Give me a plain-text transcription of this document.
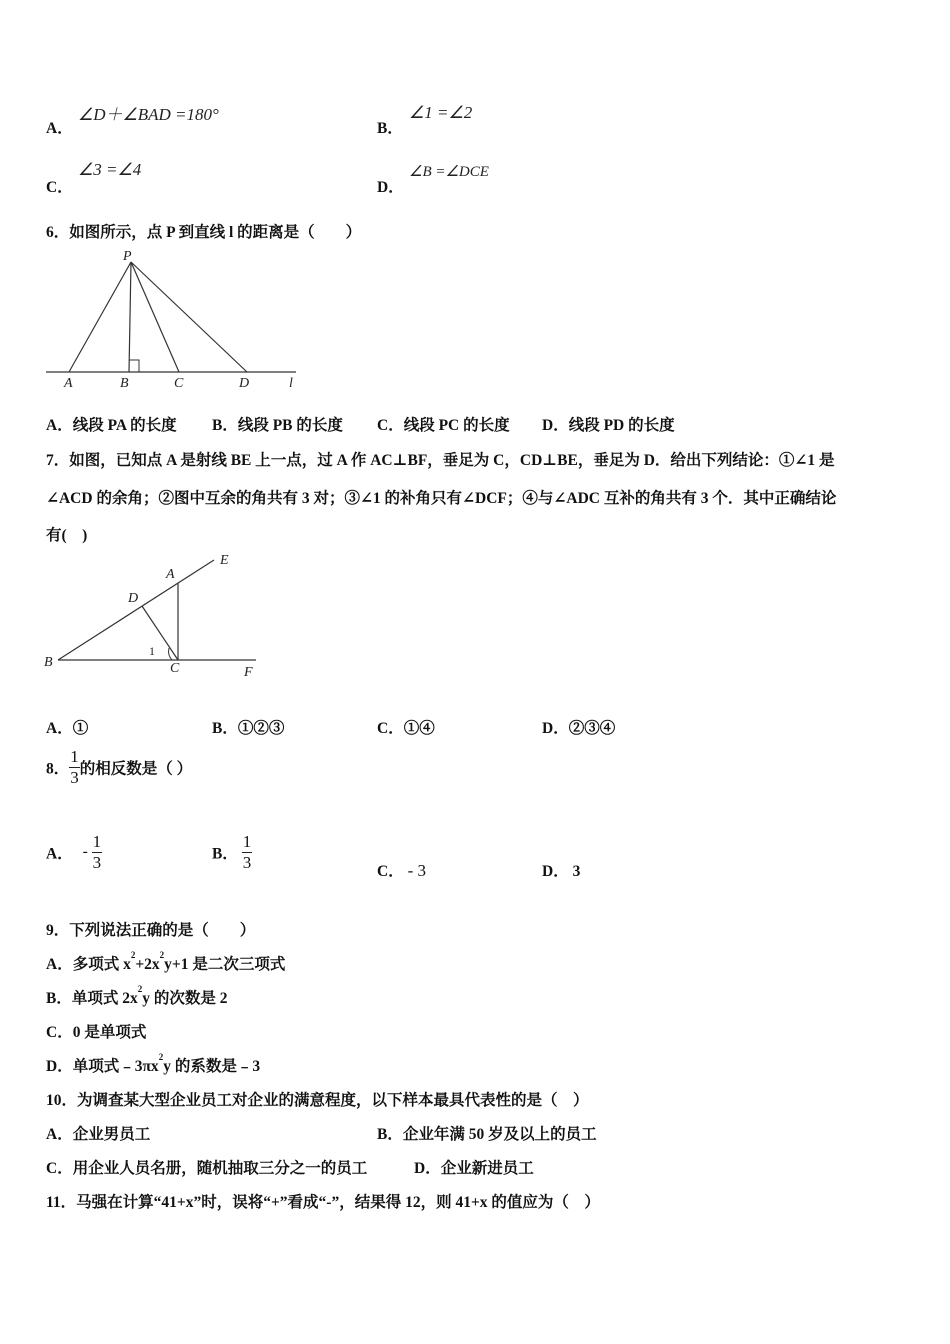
A．
∠D＋∠BAD =180°
B．
∠1 =∠2
C．
∠3 =∠4
D．
∠B =∠DCE
6．如图所示，点 P 到直线 l 的距离是（　　）
P
A	B	C	D	l
A．线段 PA 的长度 B．线段 PB 的长度 C．线段 PC 的长度 D．线段 PD 的长度
7．如图，已知点 A 是射线 BE 上一点，过 A 作 AC⊥BF，垂足为 C，CD⊥BE，垂足为 D．给出下列结论：①∠1 是
∠ACD 的余角；②图中互余的角共有 3 对；③∠1 的补角只有∠DCF；④与∠ADC 互补的角共有 3 个．其中正确结论
有(　)
A
B	C
D
E
F
1
A．①	B．①②③	C．①④	D．②③④
8． $\frac{1}{3}$ 的相反数是（ ）
A． - $\frac{1}{3}$	B． $\frac{1}{3}$	C． - 3	D． 3
9．下列说法正确的是（　　）
A．多项式 $x^2+2x^2y+1$ 是二次三项式
B．单项式 $2x^2y$ 的次数是 2
C．0 是单项式
D．单项式$﹣3\pi x^2y$ 的系数是﹣3
10．为调查某大型企业员工对企业的满意程度，以下样本最具代表性的是（　）
A．企业男员工	B．企业年满 50 岁及以上的员工
C．用企业人员名册，随机抽取三分之一的员工	D．企业新进员工
11．马强在计算“41+x”时，误将“+”看成“-”，结果得 12，则 41+x 的值应为（　）
